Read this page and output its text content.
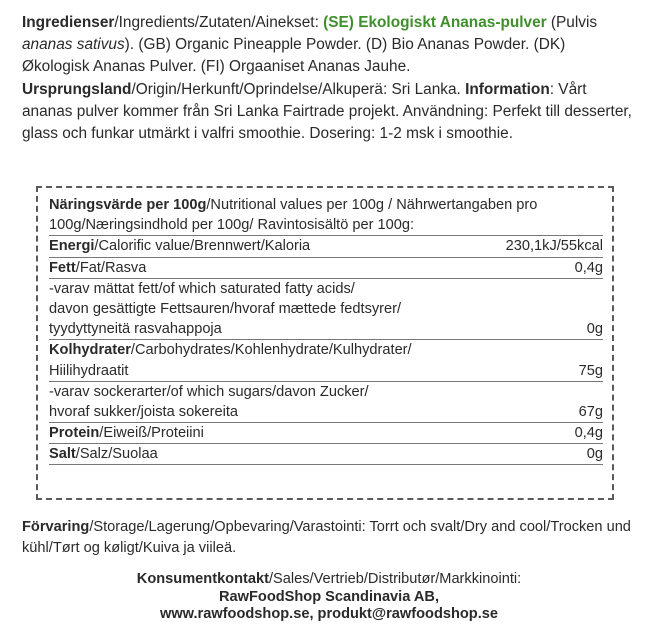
Ingredienser/Ingredients/Zutaten/Ainekset: (SE) Ekologiskt Ananas-pulver (Pulvis ananas sativus). (GB) Organic Pineapple Powder. (D) Bio Ananas Powder. (DK) Økologisk Ananas Pulver. (FI) Orgaaniset Ananas Jauhe. Ursprungsland/Origin/Herkunft/Oprindelse/Alkuperä: Sri Lanka. Information: Vårt ananas pulver kommer från Sri Lanka Fairtrade projekt. Användning: Perfekt till desserter, glass och funkar utmärkt i valfri smoothie. Dosering: 1-2 msk i smoothie.

Näringsvärde per 100g/Nutritional values per 100g / Nährwertangaben pro 100g/Næringsindhold per 100g/ Ravintosisältö per 100g:
Energi/Calorific value/Brennwert/Kaloria	230,1kJ/55kcal
Fett/Fat/Rasva	0,4g
-varav mättat fett/of which saturated fatty acids/
davon gesättigte Fettsauren/hvoraf mættede fedtsyrer/
tyydyttyneitä rasvahappoja	0g
Kolhydrater/Carbohydrates/Kohlenhydrate/Kulhydrater/
Hiilihydraatit	75g
-varav sockerarter/of which sugars/davon Zucker/
hvoraf sukker/joista sokereita	67g
Protein/Eiweiß/Proteiini	0,4g
Salt/Salz/Suolaa	0g

Förvaring/Storage/Lagerung/Opbevaring/Varastointi: Torrt och svalt/Dry and cool/Trocken und kühl/Tørt og køligt/Kuiva ja viileä.

Konsumentkontakt/Sales/Vertrieb/Distributør/Markkinointi:
RawFoodShop Scandinavia AB,
www.rawfoodshop.se, produkt@rawfoodshop.se
